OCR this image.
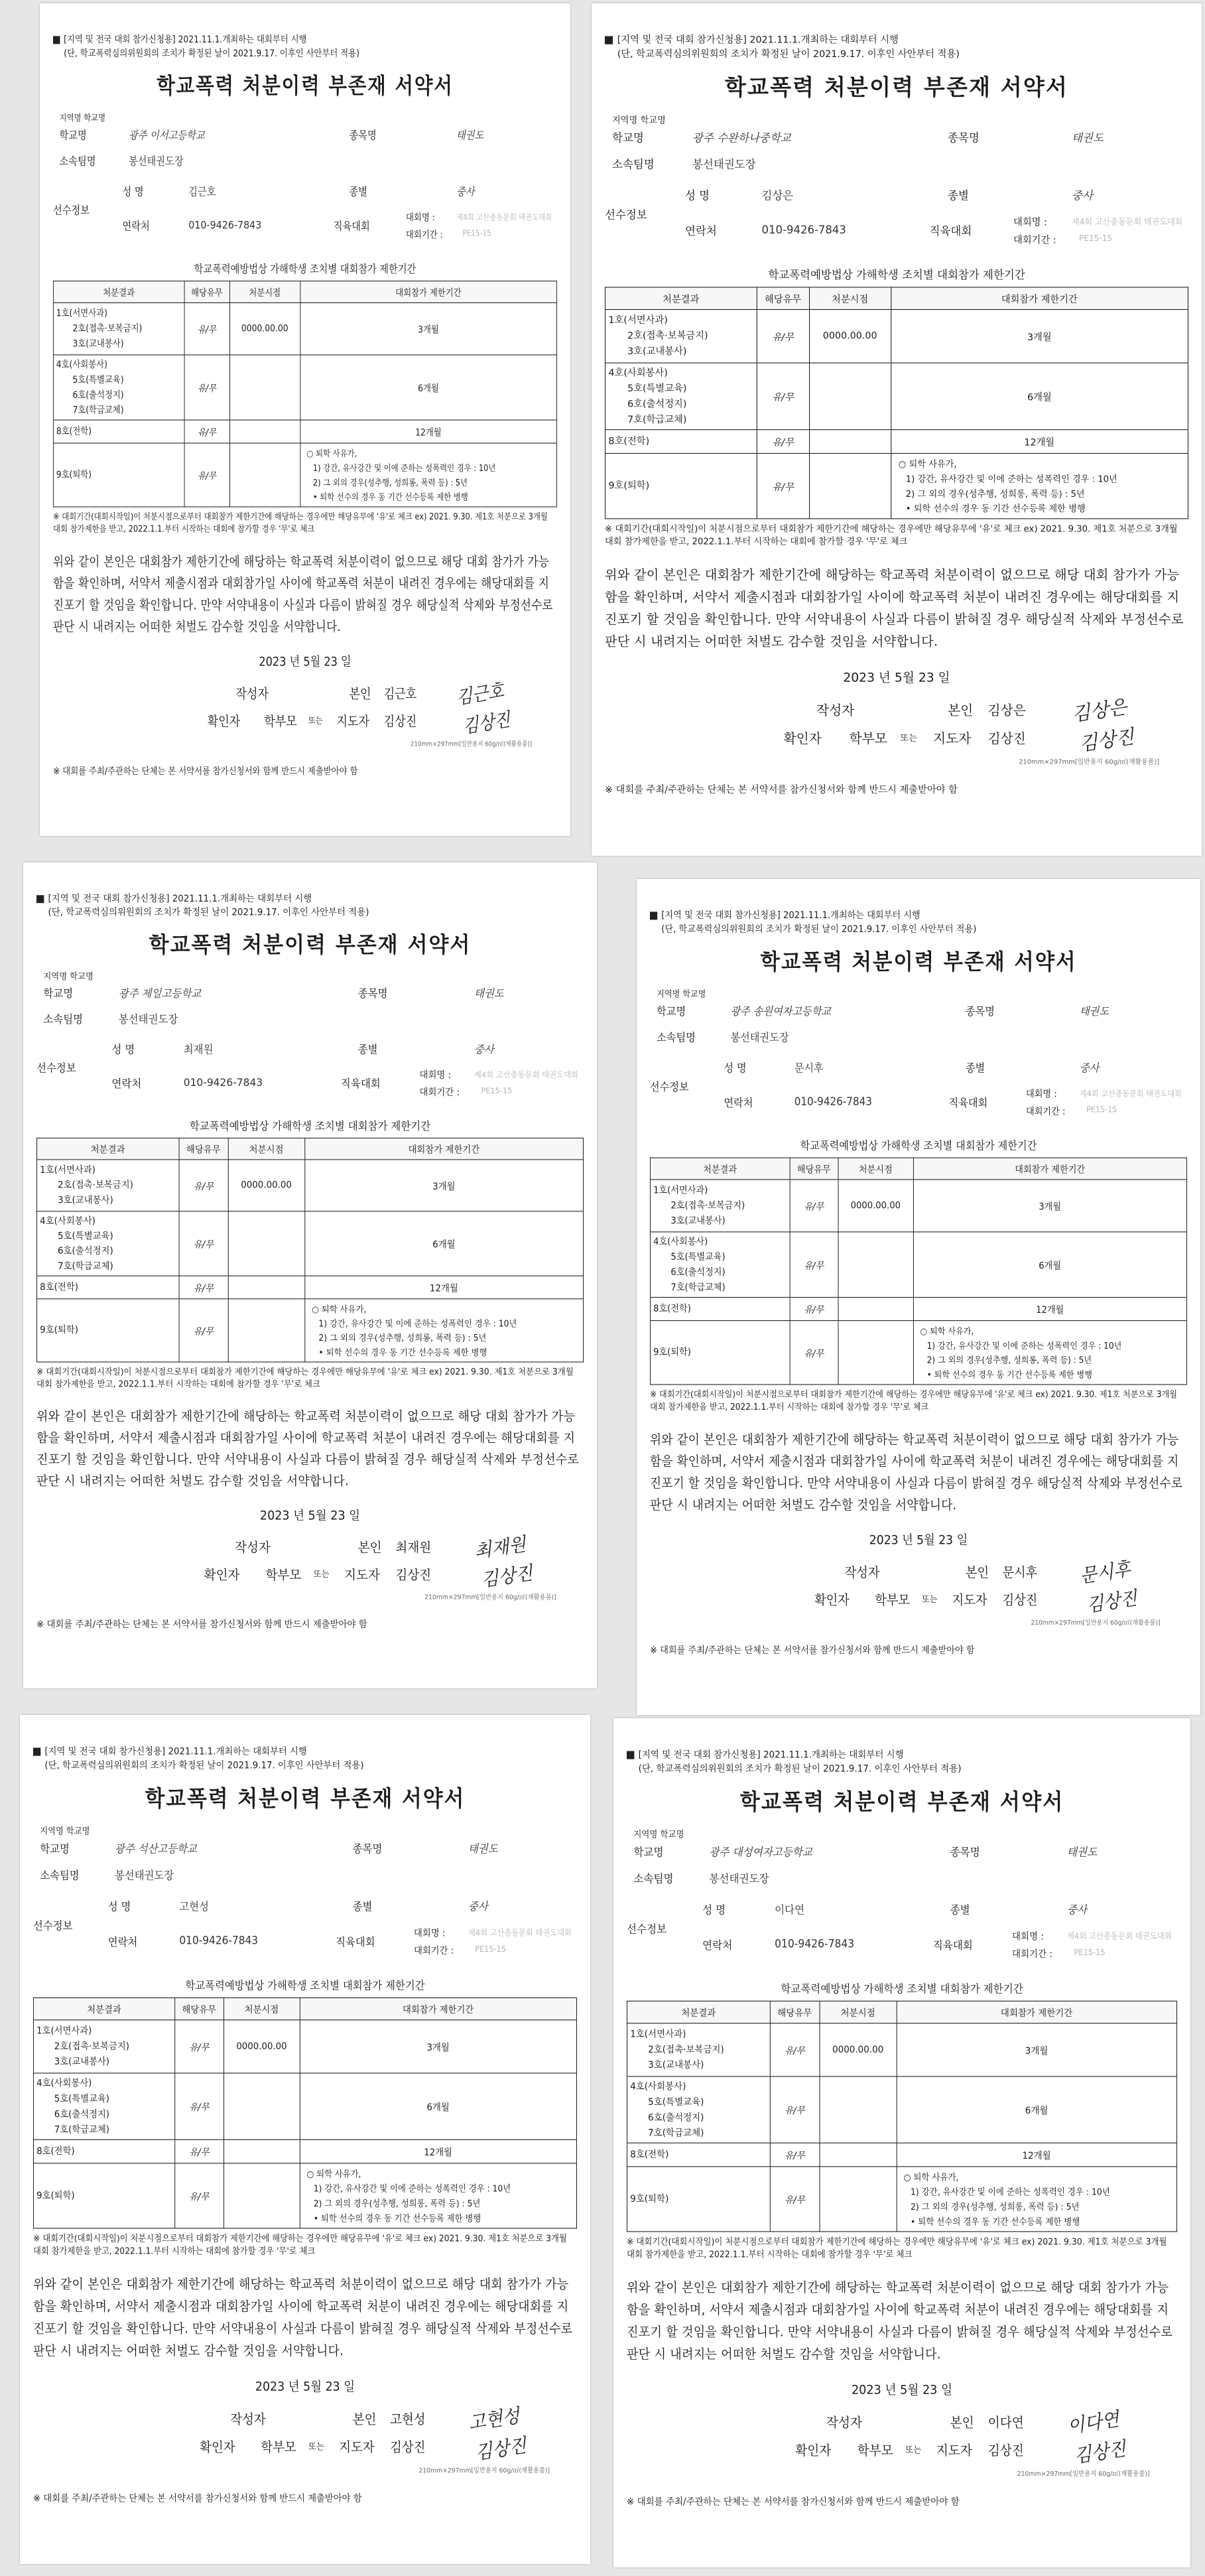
[지역 및 전국 대회 참가신청용] 2021.11.1.개최하는 대회부터 시행
(단, 학교폭력심의위원회의 조치가 확정된 날이 2021.9.17. 이후인 사안부터 적용)
학교폭력 처분이력 부존재 서약서
지역명 학교명
학교명	광주 이서고등학교	종목명	태권도
소속팀명	봉선태권도장
성 명	김근호	종별	중사
선수정보
연락처	010-9426-7843	직육대회
대회명 :	제4회 고산총동문회 태권도대회
대회기간 :	PE15-15
학교폭력예방법상 가해학생 조치별 대회참가 제한기간
처분결과	해당유무	처분시점	대회참가 제한기간

1호(서면사과)
2호(접촉·보복금지)
3호(교내봉사)	유/무	0000.00.00	3개월

4호(사회봉사)
5호(특별교육)
6호(출석정지)
7호(학급교체)	유/무		6개월
8호(전학)	유/무		12개월
9호(퇴학)	유/무		○ 퇴학 사유가,
1) 강간, 유사강간 및 이에 준하는 성폭력인 경우 : 10년
2) 그 외의 경우(성추행, 성희롱, 폭력 등) : 5년
• 퇴학 선수의 경우 동 기간 선수등록 제한 병행
※ 대회기간(대회시작일)이 처분시점으로부터 대회참가 제한기간에 해당하는 경우에만 해당유무에 '유'로 체크 ex) 2021. 9.30. 제1호 처분으로 3개월 대회 참가제한을 받고, 2022.1.1.부터 시작하는 대회에 참가할 경우 '무'로 체크
위와 같이 본인은 대회참가 제한기간에 해당하는 학교폭력 처분이력이 없으므로 해당 대회 참가가 가능함을 확인하며, 서약서 제출시점과 대회참가일 사이에 학교폭력 처분이 내려진 경우에는 해당대회를 지진포기 할 것임을 확인합니다. 만약 서약내용이 사실과 다름이 밝혀질 경우 해당실적 삭제와 부정선수로 판단 시 내려지는 어떠한 처벌도 감수할 것임을 서약합니다.
2023 년 5월 23 일
작성자	본인 김근호 김근호
확인자 학부모 또는 지도자 김상진	김상진
210mm×297mm[일반용지 60g/㎡(재활용품)]
※ 대회를 주최/주관하는 단체는 본 서약서를 참가신청서와 함께 반드시 제출받아야 함
[지역 및 전국 대회 참가신청용] 2021.11.1.개최하는 대회부터 시행
(단, 학교폭력심의위원회의 조치가 확정된 날이 2021.9.17. 이후인 사안부터 적용)
학교폭력 처분이력 부존재 서약서
지역명 학교명
학교명	광주 수완하나중학교	종목명	태권도
소속팀명	봉선태권도장
성 명	김상은	종별	중사
선수정보
연락처	010-9426-7843	직육대회
대회명 :	제4회 고산총동문회 태권도대회
대회기간 :	PE15-15
학교폭력예방법상 가해학생 조치별 대회참가 제한기간
처분결과	해당유무	처분시점	대회참가 제한기간

1호(서면사과)
2호(접촉·보복금지)
3호(교내봉사)	유/무	0000.00.00	3개월

4호(사회봉사)
5호(특별교육)
6호(출석정지)
7호(학급교체)	유/무		6개월
8호(전학)	유/무		12개월
9호(퇴학)	유/무		○ 퇴학 사유가,
1) 강간, 유사강간 및 이에 준하는 성폭력인 경우 : 10년
2) 그 외의 경우(성추행, 성희롱, 폭력 등) : 5년
• 퇴학 선수의 경우 동 기간 선수등록 제한 병행
※ 대회기간(대회시작일)이 처분시점으로부터 대회참가 제한기간에 해당하는 경우에만 해당유무에 '유'로 체크 ex) 2021. 9.30. 제1호 처분으로 3개월 대회 참가제한을 받고, 2022.1.1.부터 시작하는 대회에 참가할 경우 '무'로 체크
위와 같이 본인은 대회참가 제한기간에 해당하는 학교폭력 처분이력이 없으므로 해당 대회 참가가 가능함을 확인하며, 서약서 제출시점과 대회참가일 사이에 학교폭력 처분이 내려진 경우에는 해당대회를 지진포기 할 것임을 확인합니다. 만약 서약내용이 사실과 다름이 밝혀질 경우 해당실적 삭제와 부정선수로 판단 시 내려지는 어떠한 처벌도 감수할 것임을 서약합니다.
2023 년 5월 23 일
작성자	본인 김상은	김상은
확인자 학부모 또는 지도자 김상진	김상진
210mm×297mm[일반용지 60g/㎡(재활용품)]
※ 대회를 주최/주관하는 단체는 본 서약서를 참가신청서와 함께 반드시 제출받아야 함
[지역 및 전국 대회 참가신청용] 2021.11.1.개최하는 대회부터 시행
(단, 학교폭력심의위원회의 조치가 확정된 날이 2021.9.17. 이후인 사안부터 적용)
학교폭력 처분이력 부존재 서약서
지역명 학교명
학교명	광주 제일고등학교	종목명	태권도
소속팀명	봉선태권도장
성 명	최재원	종별	중사
선수정보
연락처	010-9426-7843	직육대회
대회명 :	제4회 고산총동문회 태권도대회
대회기간 :	PE15-15
학교폭력예방법상 가해학생 조치별 대회참가 제한기간
처분결과	해당유무	처분시점	대회참가 제한기간

1호(서면사과)
2호(접촉·보복금지)
3호(교내봉사)	유/무	0000.00.00	3개월

4호(사회봉사)
5호(특별교육)
6호(출석정지)
7호(학급교체)	유/무		6개월
8호(전학)	유/무		12개월
9호(퇴학)	유/무		○ 퇴학 사유가,
1) 강간, 유사강간 및 이에 준하는 성폭력인 경우 : 10년
2) 그 외의 경우(성추행, 성희롱, 폭력 등) : 5년
• 퇴학 선수의 경우 동 기간 선수등록 제한 병행
※ 대회기간(대회시작일)이 처분시점으로부터 대회참가 제한기간에 해당하는 경우에만 해당유무에 '유'로 체크 ex) 2021. 9.30. 제1호 처분으로 3개월 대회 참가제한을 받고, 2022.1.1.부터 시작하는 대회에 참가할 경우 '무'로 체크
위와 같이 본인은 대회참가 제한기간에 해당하는 학교폭력 처분이력이 없으므로 해당 대회 참가가 가능함을 확인하며, 서약서 제출시점과 대회참가일 사이에 학교폭력 처분이 내려진 경우에는 해당대회를 지진포기 할 것임을 확인합니다. 만약 서약내용이 사실과 다름이 밝혀질 경우 해당실적 삭제와 부정선수로 판단 시 내려지는 어떠한 처벌도 감수할 것임을 서약합니다.
2023 년 5월 23 일
작성자	본인 최재원 최재원
확인자 학부모 또는 지도자 김상진	김상진
210mm×297mm[일반용지 60g/㎡(재활용품)]
※ 대회를 주최/주관하는 단체는 본 서약서를 참가신청서와 함께 반드시 제출받아야 함
[지역 및 전국 대회 참가신청용] 2021.11.1.개최하는 대회부터 시행
(단, 학교폭력심의위원회의 조치가 확정된 날이 2021.9.17. 이후인 사안부터 적용)
학교폭력 처분이력 부존재 서약서
지역명 학교명
학교명	광주 송원여자고등학교	종목명	태권도
소속팀명	봉선태권도장
성 명	문시후	종별	중사
선수정보
연락처	010-9426-7843	직육대회
대회명 :	제4회 고산총동문회 태권도대회
대회기간 :	PE15-15
학교폭력예방법상 가해학생 조치별 대회참가 제한기간
처분결과	해당유무	처분시점	대회참가 제한기간

1호(서면사과)
2호(접촉·보복금지)
3호(교내봉사)	유/무	0000.00.00	3개월

4호(사회봉사)
5호(특별교육)
6호(출석정지)
7호(학급교체)	유/무		6개월
8호(전학)	유/무		12개월
9호(퇴학)	유/무		○ 퇴학 사유가,
1) 강간, 유사강간 및 이에 준하는 성폭력인 경우 : 10년
2) 그 외의 경우(성추행, 성희롱, 폭력 등) : 5년
• 퇴학 선수의 경우 동 기간 선수등록 제한 병행
※ 대회기간(대회시작일)이 처분시점으로부터 대회참가 제한기간에 해당하는 경우에만 해당유무에 '유'로 체크 ex) 2021. 9.30. 제1호 처분으로 3개월 대회 참가제한을 받고, 2022.1.1.부터 시작하는 대회에 참가할 경우 '무'로 체크
위와 같이 본인은 대회참가 제한기간에 해당하는 학교폭력 처분이력이 없으므로 해당 대회 참가가 가능함을 확인하며, 서약서 제출시점과 대회참가일 사이에 학교폭력 처분이 내려진 경우에는 해당대회를 지진포기 할 것임을 확인합니다. 만약 서약내용이 사실과 다름이 밝혀질 경우 해당실적 삭제와 부정선수로 판단 시 내려지는 어떠한 처벌도 감수할 것임을 서약합니다.
2023 년 5월 23 일
작성자	본인 문시후 문시후
확인자 학부모 또는 지도자 김상진	김상진
210mm×297mm[일반용지 60g/㎡(재활용품)]
※ 대회를 주최/주관하는 단체는 본 서약서를 참가신청서와 함께 반드시 제출받아야 함
[지역 및 전국 대회 참가신청용] 2021.11.1.개최하는 대회부터 시행
(단, 학교폭력심의위원회의 조치가 확정된 날이 2021.9.17. 이후인 사안부터 적용)
학교폭력 처분이력 부존재 서약서
지역명 학교명
학교명	광주 석산고등학교	종목명	태권도
소속팀명	봉선태권도장
성 명	고현성	종별	중사
선수정보
연락처	010-9426-7843	직육대회
대회명 :	제4회 고산총동문회 태권도대회
대회기간 :	PE15-15
학교폭력예방법상 가해학생 조치별 대회참가 제한기간
처분결과	해당유무	처분시점	대회참가 제한기간

1호(서면사과)
2호(접촉·보복금지)
3호(교내봉사)	유/무	0000.00.00	3개월

4호(사회봉사)
5호(특별교육)
6호(출석정지)
7호(학급교체)	유/무		6개월
8호(전학)	유/무		12개월
9호(퇴학)	유/무		○ 퇴학 사유가,
1) 강간, 유사강간 및 이에 준하는 성폭력인 경우 : 10년
2) 그 외의 경우(성추행, 성희롱, 폭력 등) : 5년
• 퇴학 선수의 경우 동 기간 선수등록 제한 병행
※ 대회기간(대회시작일)이 처분시점으로부터 대회참가 제한기간에 해당하는 경우에만 해당유무에 '유'로 체크 ex) 2021. 9.30. 제1호 처분으로 3개월 대회 참가제한을 받고, 2022.1.1.부터 시작하는 대회에 참가할 경우 '무'로 체크
위와 같이 본인은 대회참가 제한기간에 해당하는 학교폭력 처분이력이 없으므로 해당 대회 참가가 가능함을 확인하며, 서약서 제출시점과 대회참가일 사이에 학교폭력 처분이 내려진 경우에는 해당대회를 지진포기 할 것임을 확인합니다. 만약 서약내용이 사실과 다름이 밝혀질 경우 해당실적 삭제와 부정선수로 판단 시 내려지는 어떠한 처벌도 감수할 것임을 서약합니다.
2023 년 5월 23 일
작성자	본인 고현성 고현성
확인자 학부모 또는 지도자 김상진	김상진
210mm×297mm[일반용지 60g/㎡(재활용품)]
※ 대회를 주최/주관하는 단체는 본 서약서를 참가신청서와 함께 반드시 제출받아야 함
[지역 및 전국 대회 참가신청용] 2021.11.1.개최하는 대회부터 시행
(단, 학교폭력심의위원회의 조치가 확정된 날이 2021.9.17. 이후인 사안부터 적용)
학교폭력 처분이력 부존재 서약서
지역명 학교명
학교명	광주 대성여자고등학교	종목명	태권도
소속팀명	봉선태권도장
성 명	이다연	종별	중사
선수정보
연락처	010-9426-7843	직육대회
대회명 :	제4회 고산총동문회 태권도대회
대회기간 :	PE15-15
학교폭력예방법상 가해학생 조치별 대회참가 제한기간
처분결과	해당유무	처분시점	대회참가 제한기간

1호(서면사과)
2호(접촉·보복금지)
3호(교내봉사)	유/무	0000.00.00	3개월

4호(사회봉사)
5호(특별교육)
6호(출석정지)
7호(학급교체)	유/무		6개월
8호(전학)	유/무		12개월
9호(퇴학)	유/무		○ 퇴학 사유가,
1) 강간, 유사강간 및 이에 준하는 성폭력인 경우 : 10년
2) 그 외의 경우(성추행, 성희롱, 폭력 등) : 5년
• 퇴학 선수의 경우 동 기간 선수등록 제한 병행
※ 대회기간(대회시작일)이 처분시점으로부터 대회참가 제한기간에 해당하는 경우에만 해당유무에 '유'로 체크 ex) 2021. 9.30. 제1호 처분으로 3개월 대회 참가제한을 받고, 2022.1.1.부터 시작하는 대회에 참가할 경우 '무'로 체크
위와 같이 본인은 대회참가 제한기간에 해당하는 학교폭력 처분이력이 없으므로 해당 대회 참가가 가능함을 확인하며, 서약서 제출시점과 대회참가일 사이에 학교폭력 처분이 내려진 경우에는 해당대회를 지진포기 할 것임을 확인합니다. 만약 서약내용이 사실과 다름이 밝혀질 경우 해당실적 삭제와 부정선수로 판단 시 내려지는 어떠한 처벌도 감수할 것임을 서약합니다.
2023 년 5월 23 일
작성자	본인 이다연 이다연
확인자 학부모 또는 지도자 김상진	김상진
210mm×297mm[일반용지 60g/㎡(재활용품)]
※ 대회를 주최/주관하는 단체는 본 서약서를 참가신청서와 함께 반드시 제출받아야 함
